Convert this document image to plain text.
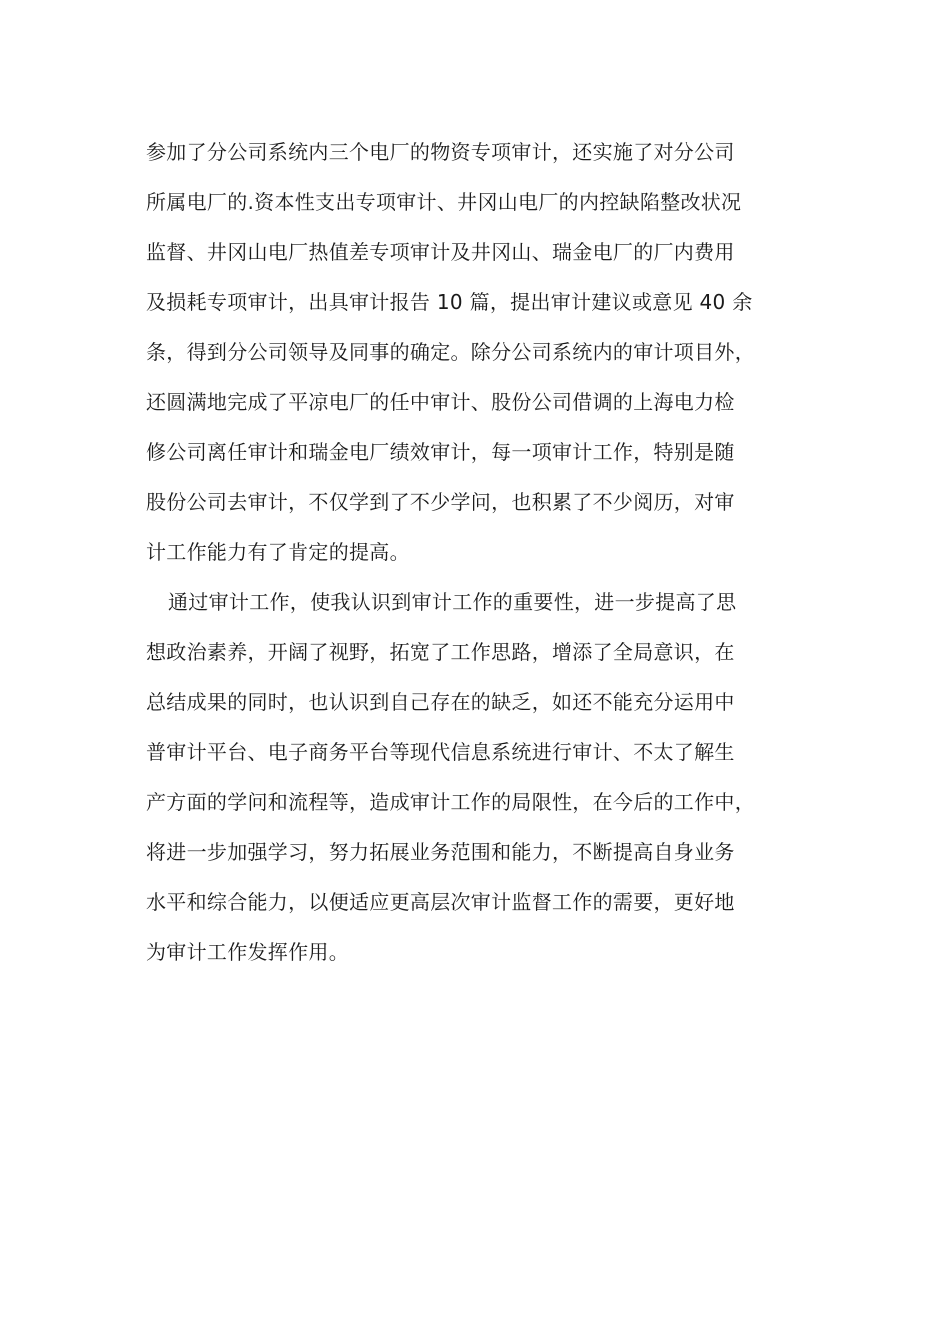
参加了分公司系统内三个电厂的物资专项审计，还实施了对分公司
所属电厂的.资本性支出专项审计、井冈山电厂的内控缺陷整改状况
监督、井冈山电厂热值差专项审计及井冈山、瑞金电厂的厂内费用
及损耗专项审计，出具审计报告 10 篇，提出审计建议或意见 40 余
条，得到分公司领导及同事的确定。除分公司系统内的审计项目外，
还圆满地完成了平凉电厂的任中审计、股份公司借调的上海电力检
修公司离任审计和瑞金电厂绩效审计，每一项审计工作，特别是随
股份公司去审计，不仅学到了不少学问，也积累了不少阅历，对审
计工作能力有了肯定的提高。
通过审计工作，使我认识到审计工作的重要性，进一步提高了思
想政治素养，开阔了视野，拓宽了工作思路，增添了全局意识，在
总结成果的同时，也认识到自己存在的缺乏，如还不能充分运用中
普审计平台、电子商务平台等现代信息系统进行审计、不太了解生
产方面的学问和流程等，造成审计工作的局限性，在今后的工作中，
将进一步加强学习，努力拓展业务范围和能力，不断提高自身业务
水平和综合能力，以便适应更高层次审计监督工作的需要，更好地
为审计工作发挥作用。
